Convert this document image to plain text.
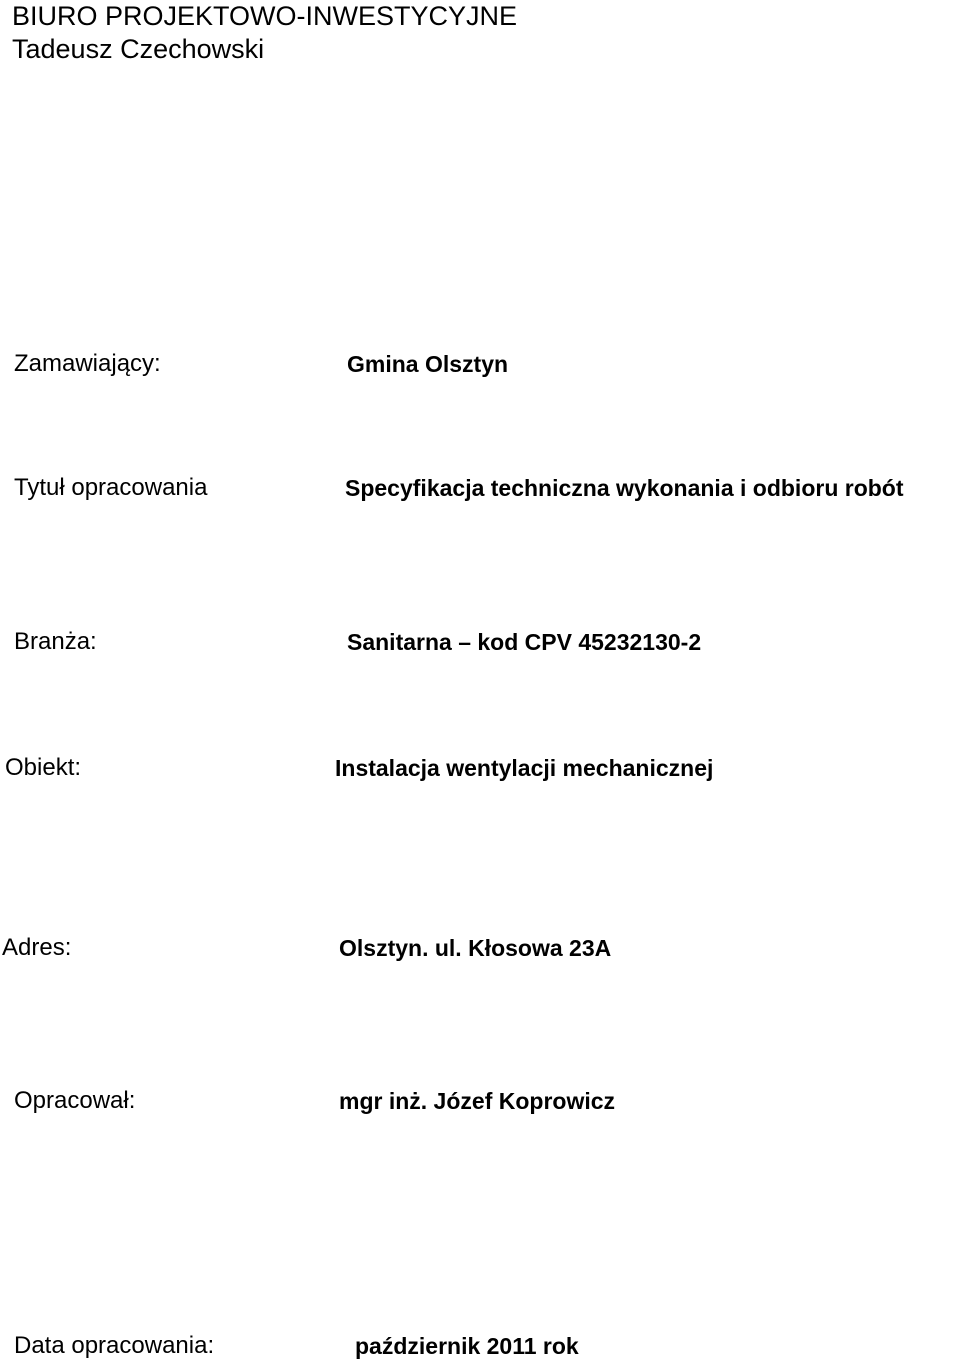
BIURO PROJEKTOWO-INWESTYCYJNE
Tadeusz Czechowski
Zamawiający:	Gmina Olsztyn
Tytuł opracowania	Specyfikacja techniczna wykonania i odbioru robót
Branża:	Sanitarna – kod CPV 45232130-2
Obiekt:	Instalacja wentylacji mechanicznej
Adres:	Olsztyn. ul. Kłosowa 23A
Opracował:	mgr inż. Józef Koprowicz
Data opracowania:	październik 2011 rok
